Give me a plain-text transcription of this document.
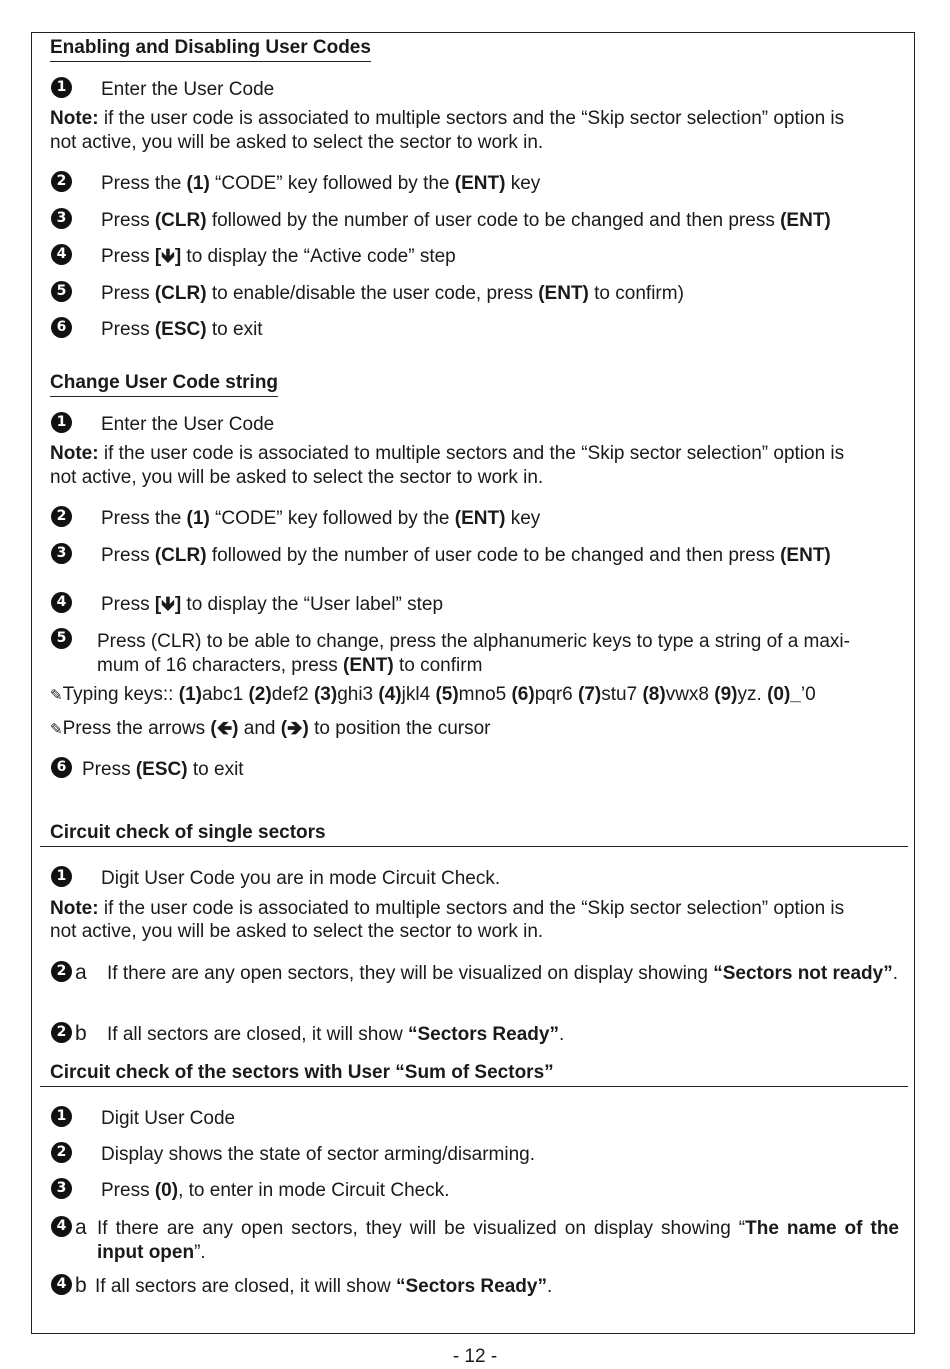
Enabling and Disabling User Codes
1 Enter the User Code
Note: if the user code is associated to multiple sectors and the “Skip sector selection” option is
not active, you will be asked to select the sector to work in.
2 Press the (1) “CODE” key followed by the (ENT) key
3 Press (CLR) followed by the number of user code to be changed and then press (ENT)
4 Press [🡻] to display the “Active code” step
5 Press (CLR) to enable/disable the user code, press (ENT) to confirm)
6 Press (ESC) to exit
Change User Code string
1 Enter the User Code
Note: if the user code is associated to multiple sectors and the “Skip sector selection” option is
not active, you will be asked to select the sector to work in.
2 Press the (1) “CODE” key followed by the (ENT) key
3 Press (CLR) followed by the number of user code to be changed and then press (ENT)
4 Press [🡻] to display the “User label” step
5 Press (CLR) to be able to change, press the alphanumeric keys to type a string of a maxi-
mum of 16 characters, press (ENT) to confirm
✎Typing keys:: (1)abc1 (2)def2 (3)ghi3 (4)jkl4 (5)mno5 (6)pqr6 (7)stu7 (8)vwx8 (9)yz. (0)_’0
✎Press the arrows (🡸) and (🡺) to position the cursor
6 Press (ESC) to exit
Circuit check of single sectors
1 Digit User Code you are in mode Circuit Check.
Note: if the user code is associated to multiple sectors and the “Skip sector selection” option is
not active, you will be asked to select the sector to work in.
2 a If there are any open sectors, they will be visualized on display showing “Sectors not ready”.
2 b If all sectors are closed, it will show “Sectors Ready”.
Circuit check of the sectors with User “Sum of Sectors”
1 Digit User Code
2 Display shows the state of sector arming/disarming.
3 Press (0), to enter in mode Circuit Check.
4 a If there are any open sectors, they will be visualized on display showing “The name of the input open”.
4 b If all sectors are closed, it will show “Sectors Ready”.
- 12 -
